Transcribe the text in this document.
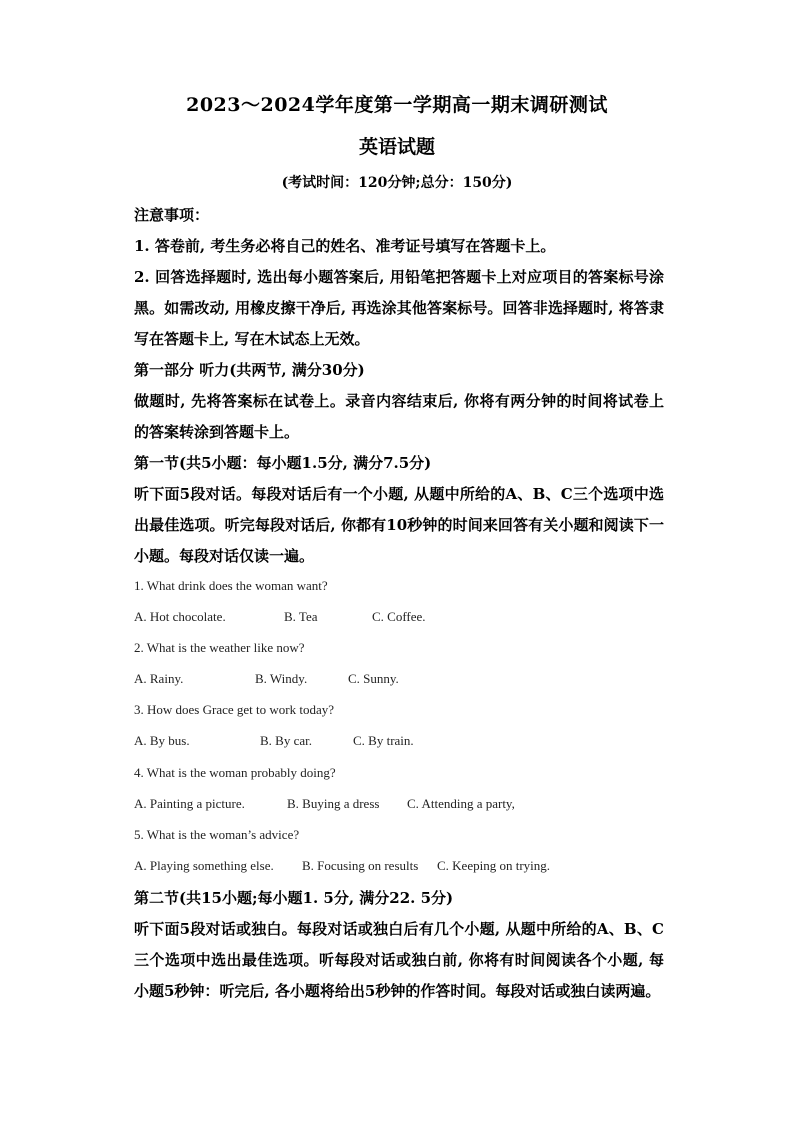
2023～2024学年度第一学期高一期末调研测试
英语试题
(考试时间：120分钟;总分：150分)
注意事项：
1. 答卷前, 考生务必将自己的姓名、准考证号填写在答题卡上。
2. 回答选择题时, 选出每小题答案后, 用铅笔把答题卡上对应项目的答案标号涂黑。如需改动, 用橡皮擦干净后, 再选涂其他答案标号。回答非选择题时, 将答隶写在答题卡上, 写在木试态上无效。
第一部分 听力(共两节, 满分30分)
做题时, 先将答案标在试卷上。录音内容结束后, 你将有两分钟的时间将试卷上的答案转涂到答题卡上。
第一节(共5小题：每小题1.5分, 满分7.5分)
听下面5段对话。每段对话后有一个小题, 从题中所给的A、B、C三个选项中选出最佳选项。听完每段对话后, 你都有10秒钟的时间来回答有关小题和阅读下一小题。每段对话仅读一遍。
1. What drink does the woman want?
A. Hot chocolate.	B. Tea	C. Coffee.
2. What is the weather like now?
A. Rainy.	B. Windy.	C. Sunny.
3. How does Grace get to work today?
A. By bus.	B. By car.	C. By train.
4. What is the woman probably doing?
A. Painting a picture.	B. Buying a dress C. Attending a party,
5. What is the woman’s advice?
A. Playing something else. B. Focusing on results C. Keeping on trying.
第二节(共15小题;每小题1. 5分, 满分22. 5分)
听下面5段对话或独白。每段对话或独白后有几个小题, 从题中所给的A、B、C三个选项中选出最佳选项。听每段对话或独白前, 你将有时间阅读各个小题, 每小题5秒钟：听完后, 各小题将给出5秒钟的作答时间。每段对话或独白读两遍。
